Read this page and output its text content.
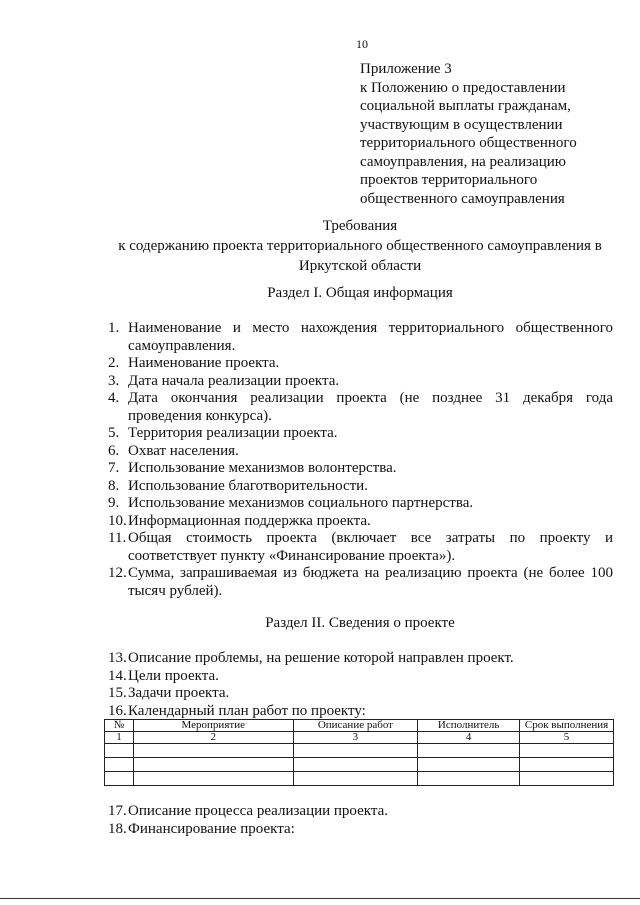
10
Приложение 3
к Положению о предоставлении
социальной выплаты гражданам,
участвующим в осуществлении
территориального общественного
самоуправления, на реализацию
проектов территориального
общественного самоуправления
Требования
к содержанию проекта территориального общественного самоуправления в
Иркутской области
Раздел I. Общая информация
1. Наименование и место нахождения территориального общественного самоуправления.
2. Наименование проекта.
3. Дата начала реализации проекта.
4. Дата окончания реализации проекта (не позднее 31 декабря года проведения конкурса).
5. Территория реализации проекта.
6. Охват населения.
7. Использование механизмов волонтерства.
8. Использование благотворительности.
9. Использование механизмов социального партнерства.
10. Информационная поддержка проекта.
11. Общая стоимость проекта (включает все затраты по проекту и соответствует пункту «Финансирование проекта»).
12. Сумма, запрашиваемая из бюджета на реализацию проекта (не более 100 тысяч рублей).
Раздел II. Сведения о проекте
13. Описание проблемы, на решение которой направлен проект.
14. Цели проекта.
15. Задачи проекта.
16. Календарный план работ по проекту:
№	Мероприятие	Описание работ	Исполнитель	Срок выполнения
1	2	3	4	5

17. Описание процесса реализации проекта.
18. Финансирование проекта:
